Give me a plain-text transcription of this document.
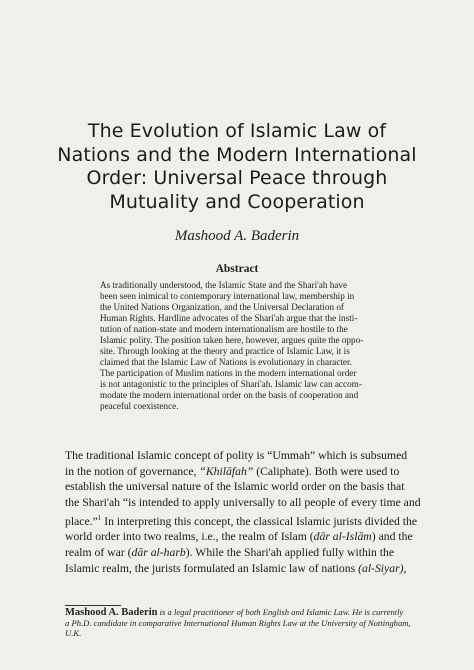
The Evolution of Islamic Law of
Nations and the Modern International
Order: Universal Peace through
Mutuality and Cooperation
Mashood A. Baderin
Abstract
As traditionally understood, the Islamic State and the Shari'ah have
been seen inimical to contemporary international law, membership in
the United Nations Organization, and the Universal Declaration of
Human Rights. Hardline advocates of the Shari'ah argue that the insti-
tution of nation-state and modern internationalism are hostile to the
Islamic polity. The position taken here, however, argues quite the oppo-
site. Through looking at the theory and practice of Islamic Law, it is
claimed that the Islamic Law of Nations is evolutionary in character.
The participation of Muslim nations in the modern international order
is not antagonistic to the principles of Shari'ah. Islamic law can accom-
modate the modern international order on the basis of cooperation and
peaceful coexistence.
The traditional Islamic concept of polity is “Ummah” which is subsumed
in the notion of governance, “Khilāfah” (Caliphate). Both were used to
establish the universal nature of the Islamic world order on the basis that
the Shari'ah “is intended to apply universally to all people of every time and
place.”$^1$ In interpreting this concept, the classical Islamic jurists divided the
world order into two realms, i.e., the realm of Islam (dār al-Islām) and the
realm of war (dār al-harb). While the Shari'ah applied fully within the
Islamic realm, the jurists formulated an Islamic law of nations (al-Siyar),
Mashood A. Baderin is a legal practitioner of both English and Islamic Law. He is currently
a Ph.D. candidate in comparative International Human Rights Law at the University of Nottingham,
U.K.
